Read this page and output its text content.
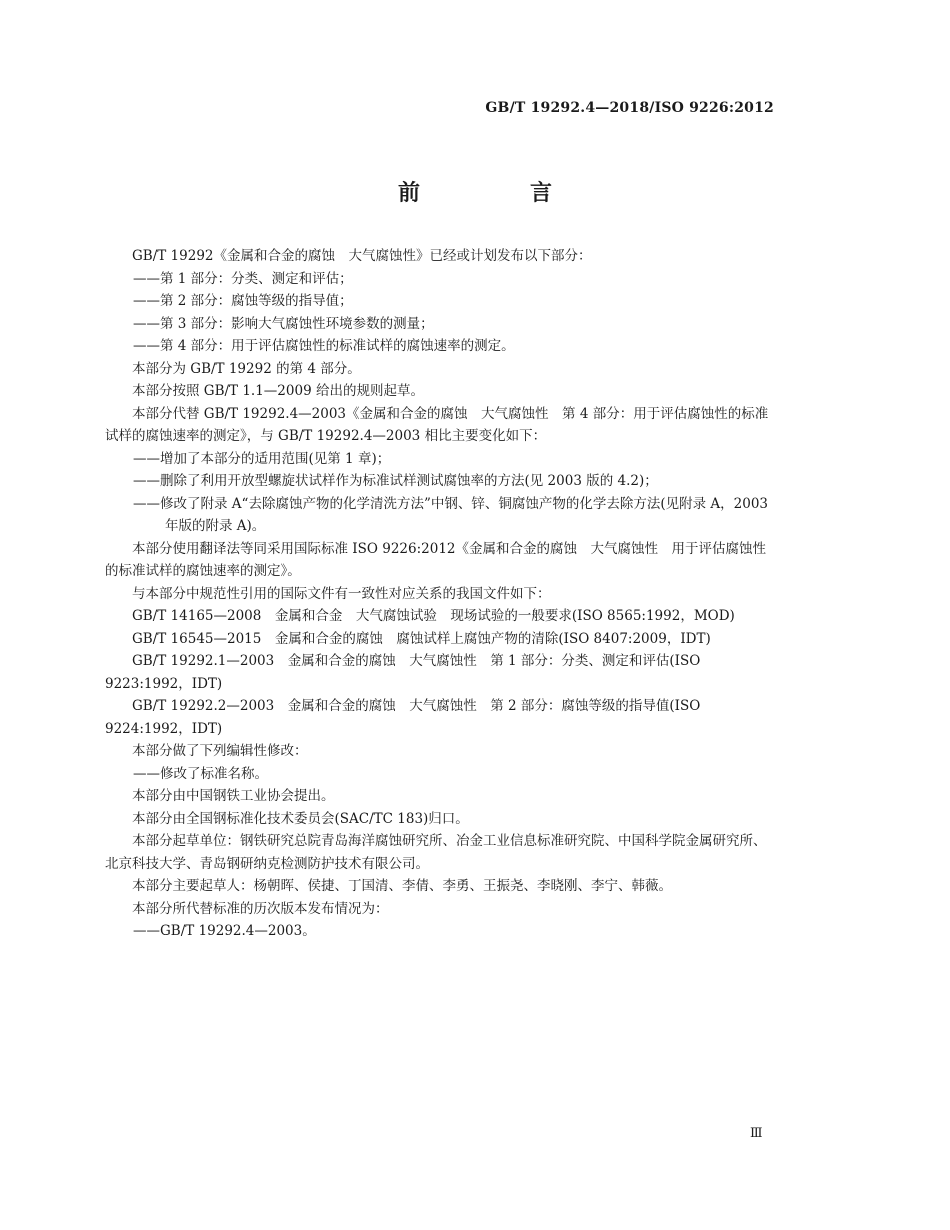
GB/T 19292.4—2018/ISO 9226:2012
前　言

GB/T 19292《金属和合金的腐蚀　大气腐蚀性》已经或计划发布以下部分：

——第 1 部分：分类、测定和评估；

——第 2 部分：腐蚀等级的指导值；

——第 3 部分：影响大气腐蚀性环境参数的测量；

——第 4 部分：用于评估腐蚀性的标准试样的腐蚀速率的测定。

本部分为 GB/T 19292 的第 4 部分。

本部分按照 GB/T 1.1—2009 给出的规则起草。

本部分代替 GB/T 19292.4—2003《金属和合金的腐蚀　大气腐蚀性　第 4 部分：用于评估腐蚀性的标准试样的腐蚀速率的测定》，与 GB/T 19292.4—2003 相比主要变化如下：

——增加了本部分的适用范围(见第 1 章)；

——删除了利用开放型螺旋状试样作为标准试样测试腐蚀率的方法(见 2003 版的 4.2)；

——修改了附录 A“去除腐蚀产物的化学清洗方法”中钢、锌、铜腐蚀产物的化学去除方法(见附录 A，2003 年版的附录 A)。

本部分使用翻译法等同采用国际标准 ISO 9226:2012《金属和合金的腐蚀　大气腐蚀性　用于评估腐蚀性的标准试样的腐蚀速率的测定》。

与本部分中规范性引用的国际文件有一致性对应关系的我国文件如下：

GB/T 14165—2008　金属和合金　大气腐蚀试验　现场试验的一般要求(ISO 8565:1992，MOD)

GB/T 16545—2015　金属和合金的腐蚀　腐蚀试样上腐蚀产物的清除(ISO 8407:2009，IDT)

GB/T 19292.1—2003　金属和合金的腐蚀　大气腐蚀性　第 1 部分：分类、测定和评估(ISO 9223:1992，IDT)

GB/T 19292.2—2003　金属和合金的腐蚀　大气腐蚀性　第 2 部分：腐蚀等级的指导值(ISO 9224:1992，IDT)

本部分做了下列编辑性修改：

——修改了标准名称。

本部分由中国钢铁工业协会提出。

本部分由全国钢标准化技术委员会(SAC/TC 183)归口。

本部分起草单位：钢铁研究总院青岛海洋腐蚀研究所、冶金工业信息标准研究院、中国科学院金属研究所、北京科技大学、青岛钢研纳克检测防护技术有限公司。

本部分主要起草人：杨朝晖、侯捷、丁国清、李倩、李勇、王振尧、李晓刚、李宁、韩薇。

本部分所代替标准的历次版本发布情况为：

——GB/T 19292.4—2003。

Ⅲ
